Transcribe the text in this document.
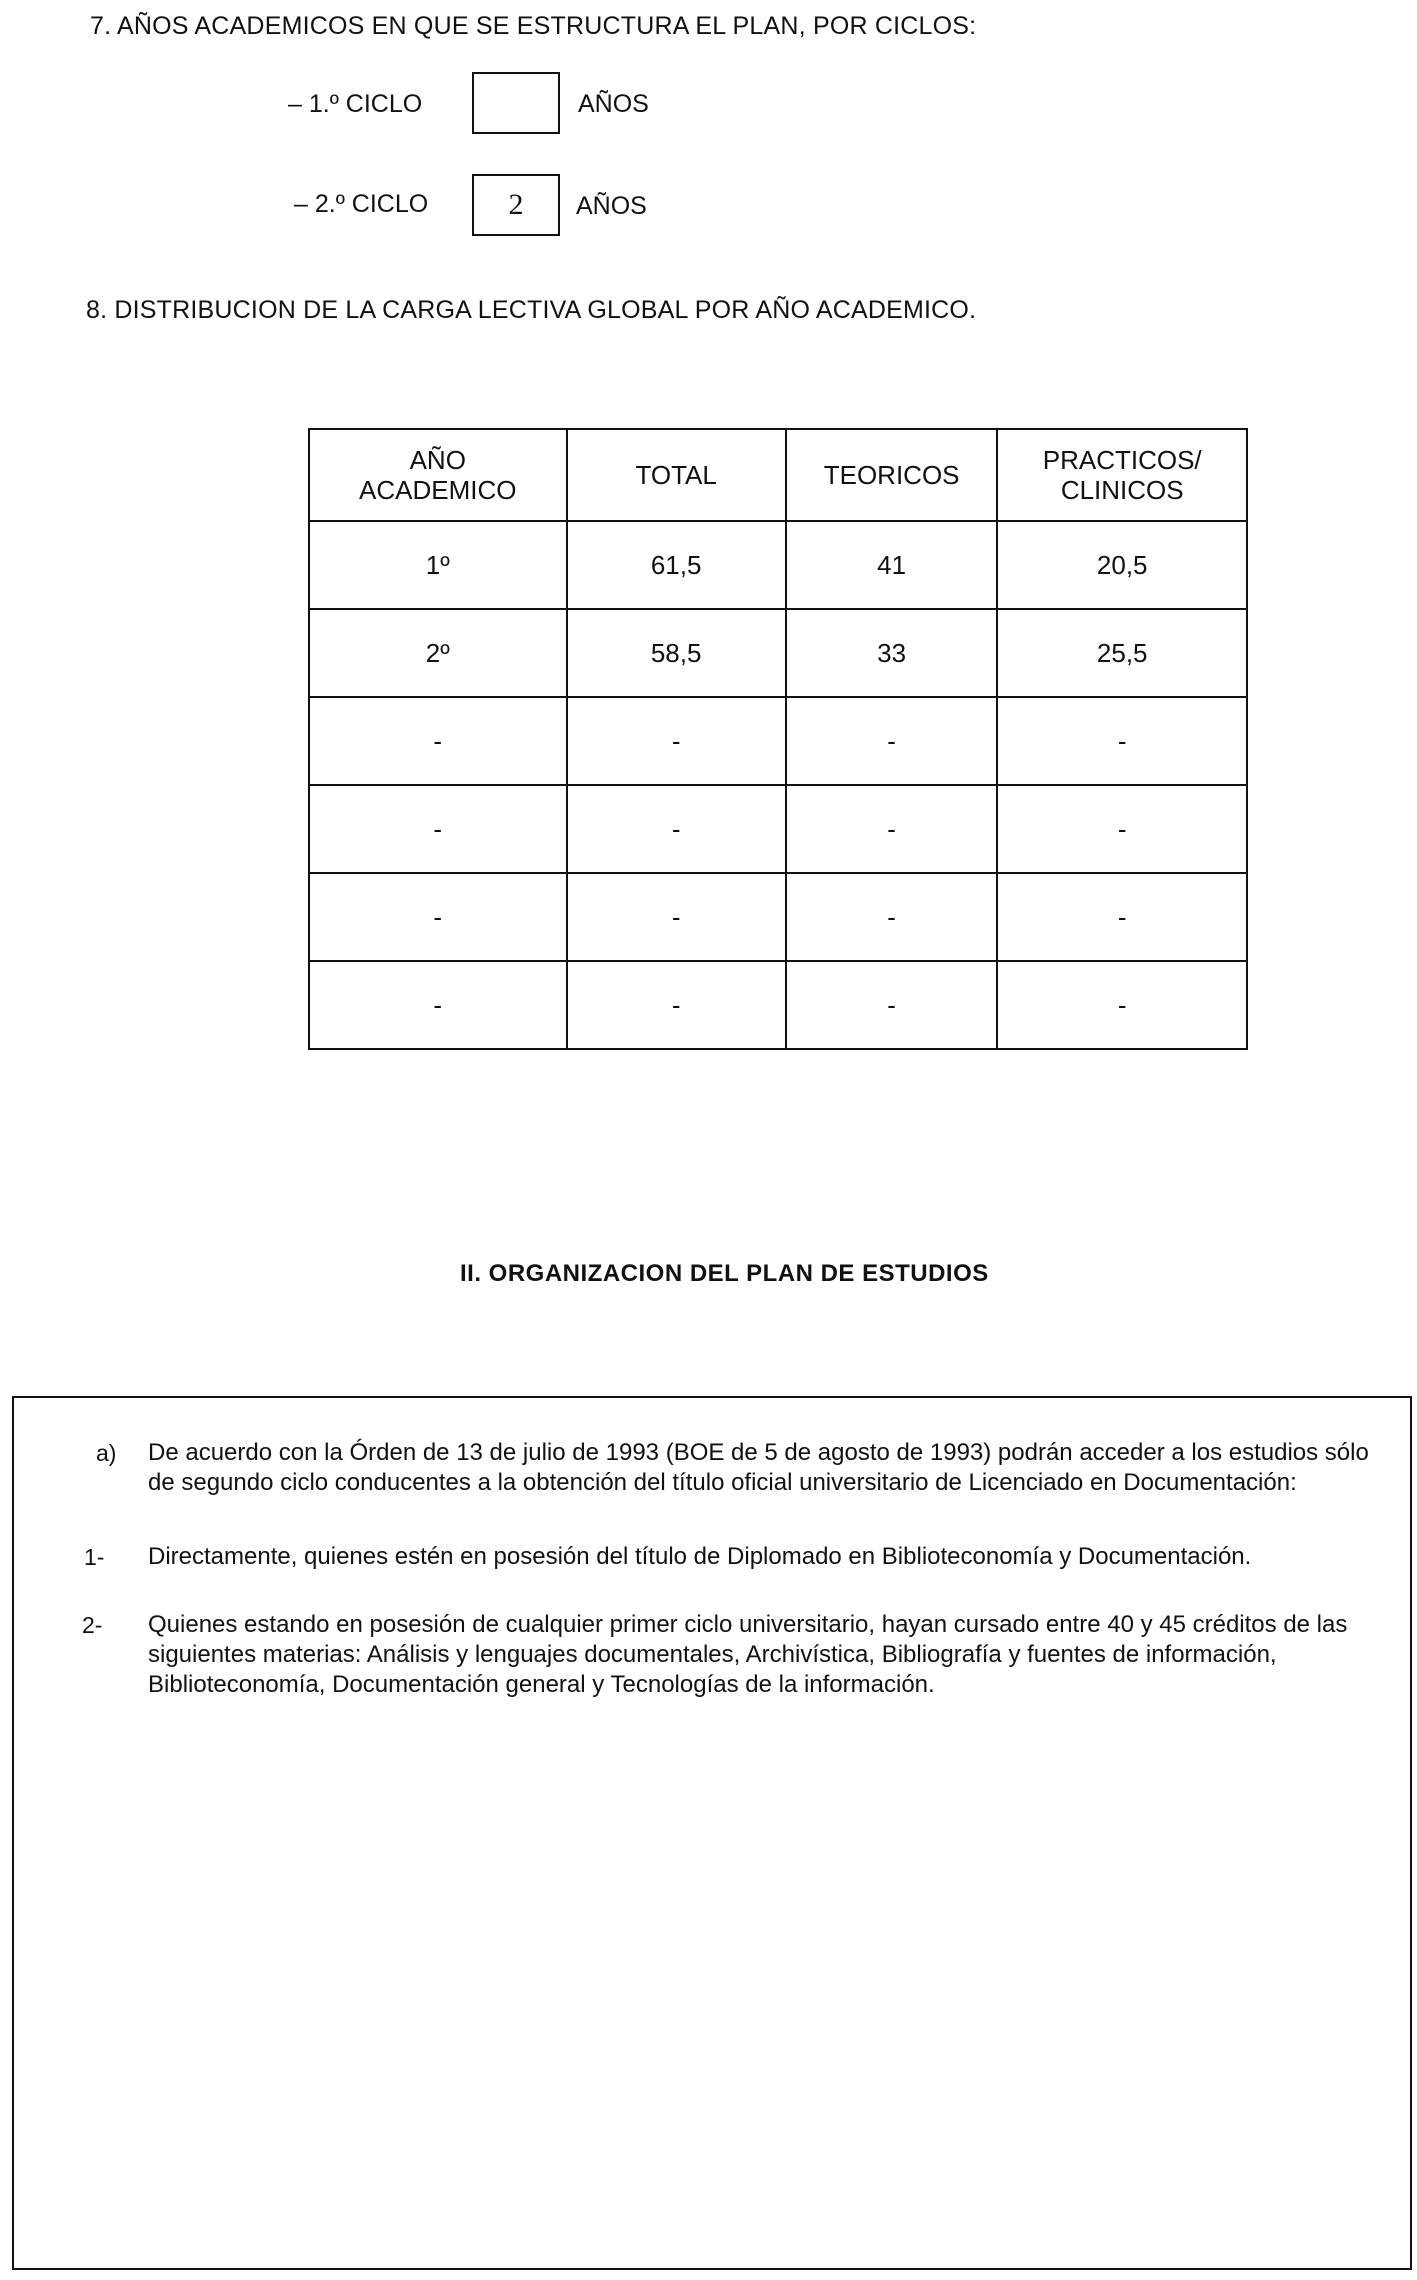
7. AÑOS ACADEMICOS EN QUE SE ESTRUCTURA EL PLAN, POR CICLOS:
– 1.º CICLO	AÑOS
– 2.º CICLO	2	AÑOS
8. DISTRIBUCION DE LA CARGA LECTIVA GLOBAL POR AÑO ACADEMICO.
AÑO
ACADEMICO	TOTAL	TEORICOS	PRACTICOS/
CLINICOS
1º	61,5	41	20,5
2º	58,5	33	25,5
-	-	-	-
-	-	-	-
-	-	-	-
-	-	-	-
II. ORGANIZACION DEL PLAN DE ESTUDIOS
a) De acuerdo con la Órden de 13 de julio de 1993 (BOE de 5 de agosto de 1993) podrán acceder a los estudios sólo de segundo ciclo conducentes a la obtención del título oficial universitario de Licenciado en Documentación:
1- Directamente, quienes estén en posesión del título de Diplomado en Biblioteconomía y Documentación.
2- Quienes estando en posesión de cualquier primer ciclo universitario, hayan cursado entre 40 y 45 créditos de las siguientes materias: Análisis y lenguajes documentales, Archivística, Bibliografía y fuentes de información, Biblioteconomía, Documentación general y Tecnologías de la información.
